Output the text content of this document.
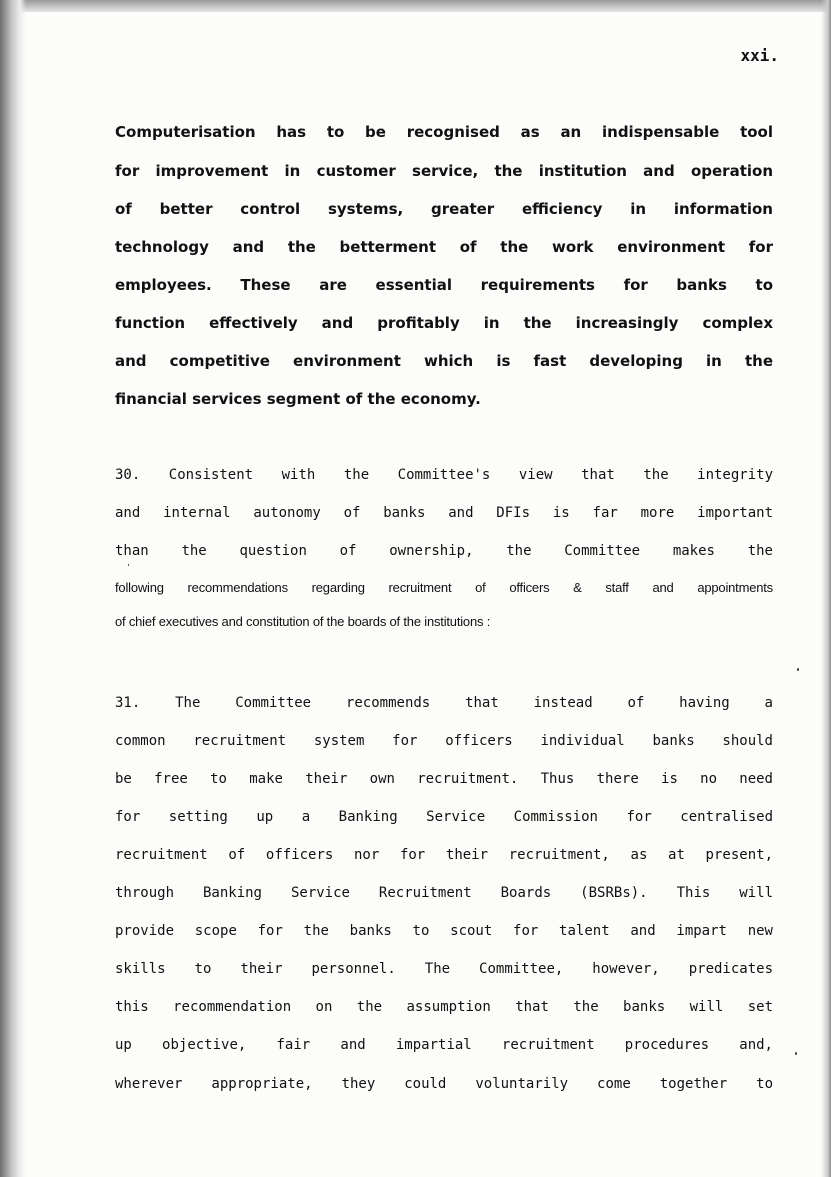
xxi.
Computerisation has to be recognised as an indispensable tool
for improvement in customer service, the institution and operation
of better control systems, greater efficiency in information
technology and the betterment of the work environment for
employees. These are essential requirements for banks to
function effectively and profitably in the increasingly complex
and competitive environment which is fast developing in the
financial services segment of the economy.
30. Consistent with the Committee's view that the integrity
and internal autonomy of banks and DFIs is far more important
than the question of ownership, the Committee makes the
following recommendations regarding recruitment of officers & staff and appointments
of chief executives and constitution of the boards of the institutions :
31. The Committee recommends that instead of having a
common recruitment system for officers individual banks should
be free to make their own recruitment. Thus there is no need
for setting up a Banking Service Commission for centralised
recruitment of officers nor for their recruitment, as at present,
through Banking Service Recruitment Boards (BSRBs). This will
provide scope for the banks to scout for talent and impart new
skills to their personnel. The Committee, however, predicates
this recommendation on the assumption that the banks will set
up objective, fair and impartial recruitment procedures and,
wherever appropriate, they could voluntarily come together to
